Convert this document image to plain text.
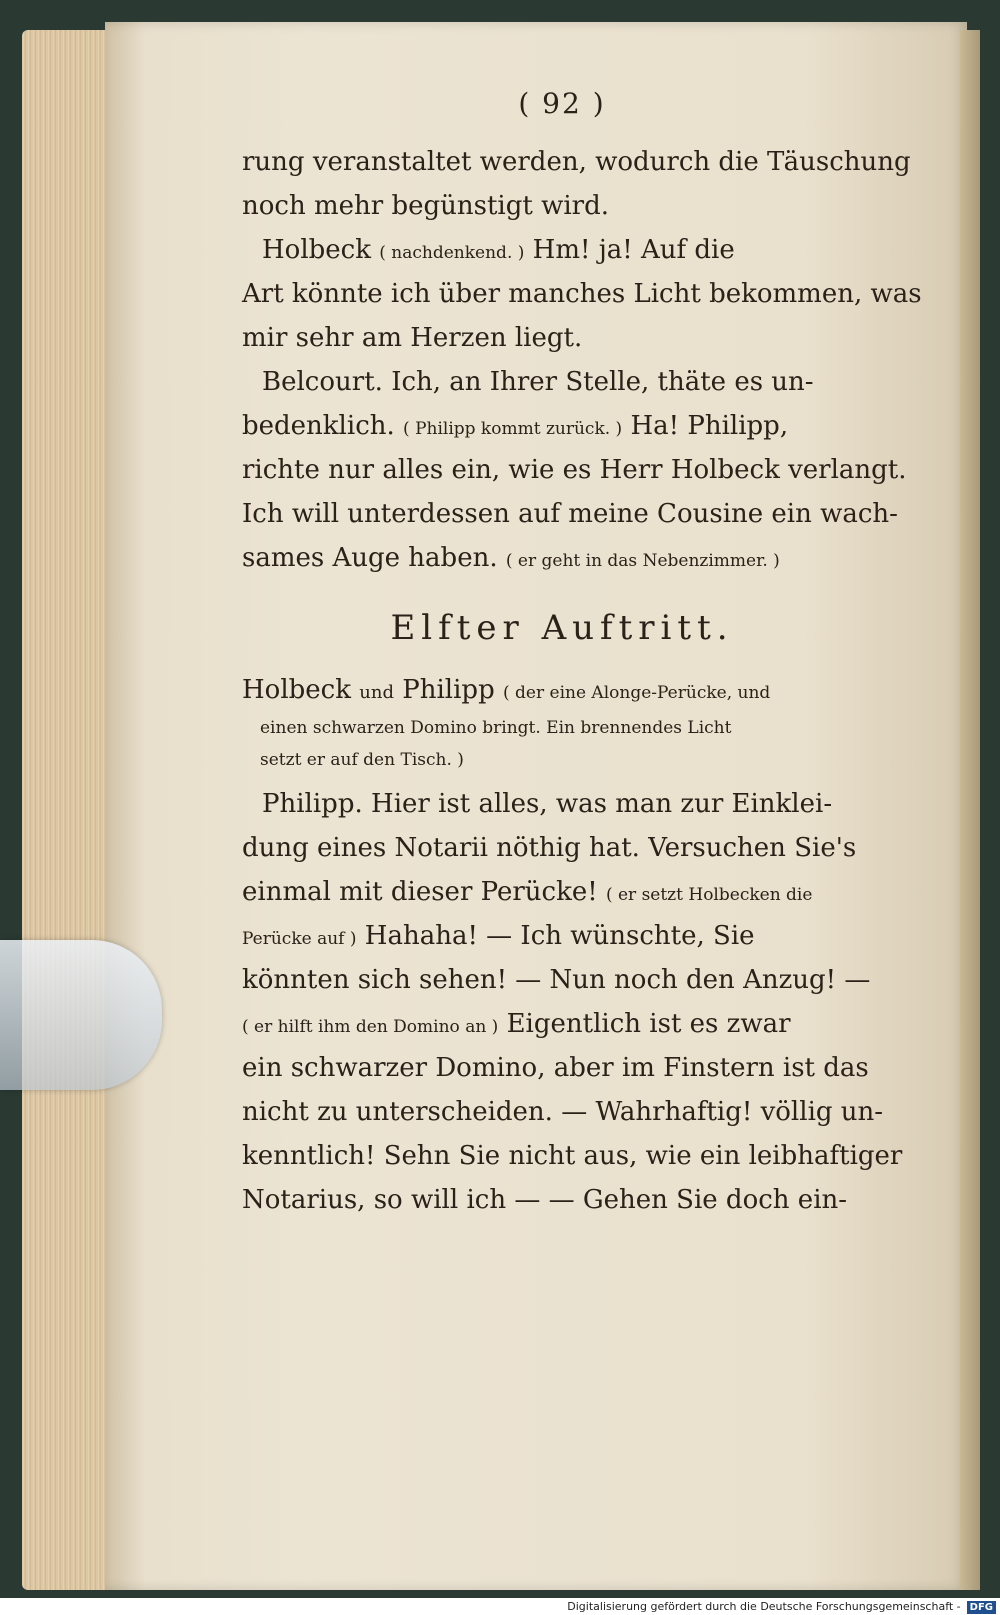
( 92 )
rung veranstaltet werden, wodurch die Täuschung
noch mehr begünstigt wird.
Holbeck ( nachdenkend. ) Hm! ja! Auf die
Art könnte ich über manches Licht bekommen, was
mir sehr am Herzen liegt.
Belcourt. Ich, an Ihrer Stelle, thäte es un-
bedenklich. ( Philipp kommt zurück. ) Ha! Philipp,
richte nur alles ein, wie es Herr Holbeck verlangt.
Ich will unterdessen auf meine Cousine ein wach-
sames Auge haben. ( er geht in das Nebenzimmer. )
Elfter Auftritt.
Holbeck und Philipp ( der eine Alonge-Perücke, und
einen schwarzen Domino bringt. Ein brennendes Licht
setzt er auf den Tisch. )
Philipp. Hier ist alles, was man zur Einklei-
dung eines Notarii nöthig hat. Versuchen Sie's
einmal mit dieser Perücke! ( er setzt Holbecken die
Perücke auf ) Hahaha! — Ich wünschte, Sie
könnten sich sehen! — Nun noch den Anzug! —
( er hilft ihm den Domino an ) Eigentlich ist es zwar
ein schwarzer Domino, aber im Finstern ist das
nicht zu unterscheiden. — Wahrhaftig! völlig un-
kenntlich! Sehn Sie nicht aus, wie ein leibhaftiger
Notarius, so will ich — — Gehen Sie doch ein-
Digitalisierung gefördert durch die Deutsche Forschungsgemeinschaft - DFG
